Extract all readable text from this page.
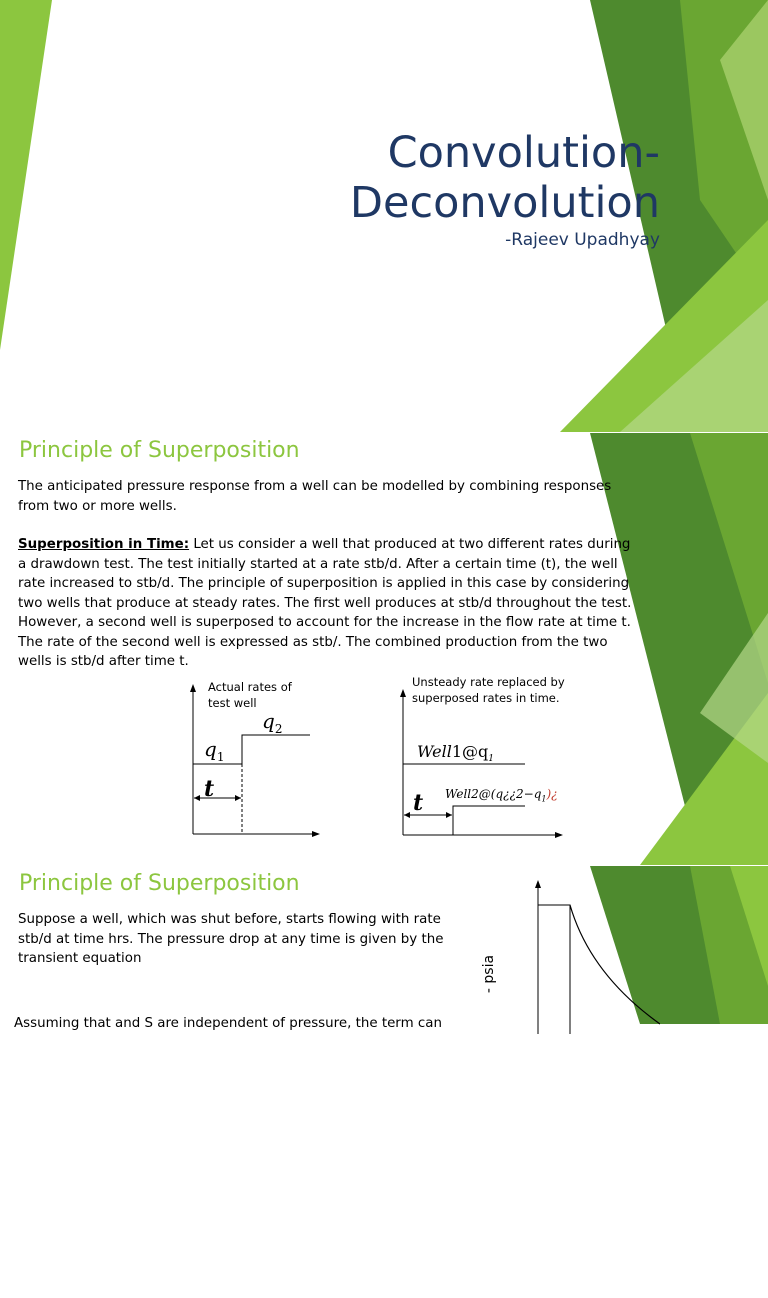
Convolution-
Deconvolution
-Rajeev Upadhyay
Principle of Superposition
The anticipated pressure response from a well can be modelled by combining responses from two or more wells.
Superposition in Time: Let us consider a well that produced at two different rates during a drawdown test. The test initially started at a rate stb/d. After a certain time (t), the well rate increased to stb/d. The principle of superposition is applied in this case by considering two wells that produce at steady rates. The first well produces at stb/d throughout the test. However, a second well is superposed to account for the increase in the flow rate at time t. The rate of the second well is expressed as stb/. The combined production from the two wells is stb/d after time t.
Actual rates of test well
$q_1$
$q_2$
t
Unsteady rate replaced by superposed rates in time.
$Well1@q_1$
$Well2@(q¿¿2-q_1)¿$
t
Principle of Superposition
Suppose a well, which was shut before, starts flowing with rate stb/d at time hrs. The pressure drop at any time is given by the transient equation
Assuming that and S are independent of pressure, the term can
- psia
